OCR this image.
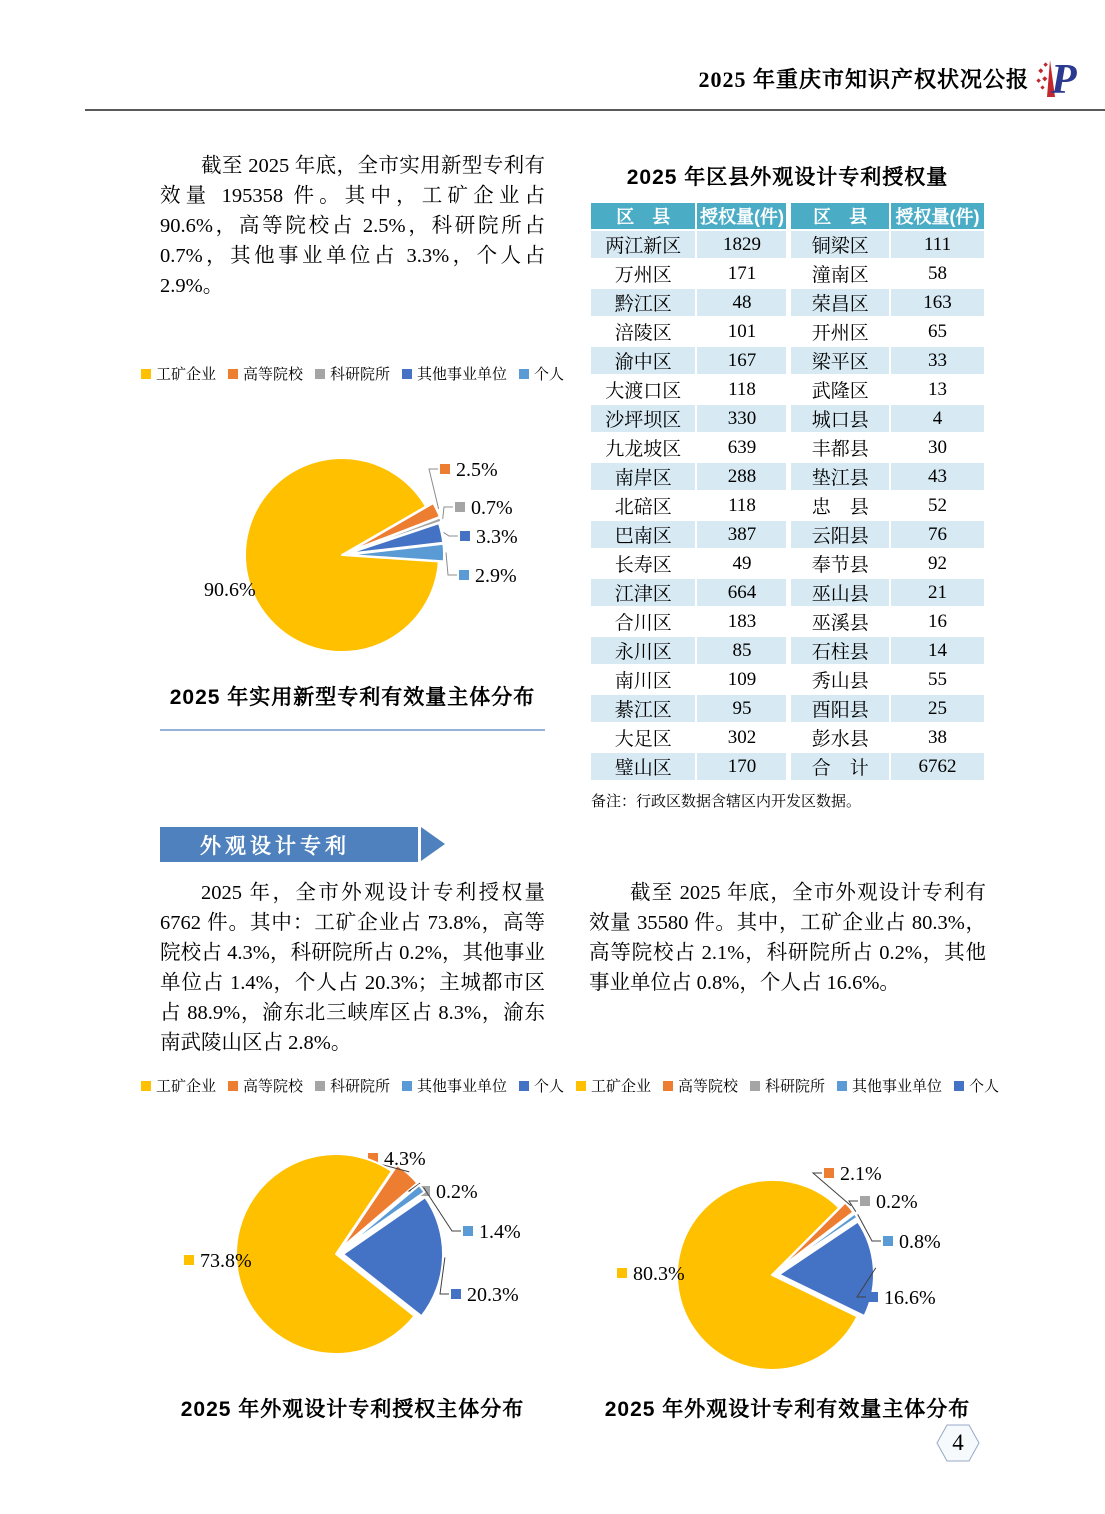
2025 年重庆市知识产权状况公报 P

截至 2025 年底，全市实用新型专利有效量 195358 件。其中，工矿企业占 90.6%，高等院校占 2.5%，科研院所占 0.7%，其他事业单位占 3.3%，个人占 2.9%。

工矿企业 高等院校 科研院所 其他事业单位 个人
2.5%
0.7%
3.3%
2.9%
90.6%
2025 年实用新型专利有效量主体分布
2025 年区县外观设计专利授权量
区　县	授权量(件)	区　县	授权量(件)
两江新区	1829	铜梁区	111
万州区	171	潼南区	58
黔江区	48	荣昌区	163
涪陵区	101	开州区	65
渝中区	167	梁平区	33
大渡口区	118	武隆区	13
沙坪坝区	330	城口县	4
九龙坡区	639	丰都县	30
南岸区	288	垫江县	43
北碚区	118	忠　县	52
巴南区	387	云阳县	76
长寿区	49	奉节县	92
江津区	664	巫山县	21
合川区	183	巫溪县	16
永川区	85	石柱县	14
南川区	109	秀山县	55
綦江区	95	酉阳县	25
大足区	302	彭水县	38
璧山区	170	合　计	6762

备注：行政区数据含辖区内开发区数据。

外观设计专利

2025 年，全市外观设计专利授权量 6762 件。其中：工矿企业占 73.8%，高等院校占 4.3%，科研院所占 0.2%，其他事业单位占 1.4%，个人占 20.3%；主城都市区占 88.9%，渝东北三峡库区占 8.3%，渝东南武陵山区占 2.8%。

截至 2025 年底，全市外观设计专利有效量 35580 件。其中，工矿企业占 80.3%，高等院校占 2.1%，科研院所占 0.2%，其他事业单位占 0.8%，个人占 16.6%。

工矿企业 高等院校 科研院所 其他事业单位 个人
4.3%
0.2%
1.4%
20.3%
73.8%
2025 年外观设计专利授权主体分布
工矿企业 高等院校 科研院所 其他事业单位 个人
2.1%
0.2%
0.8%
16.6%
80.3%
2025 年外观设计专利有效量主体分布
4
